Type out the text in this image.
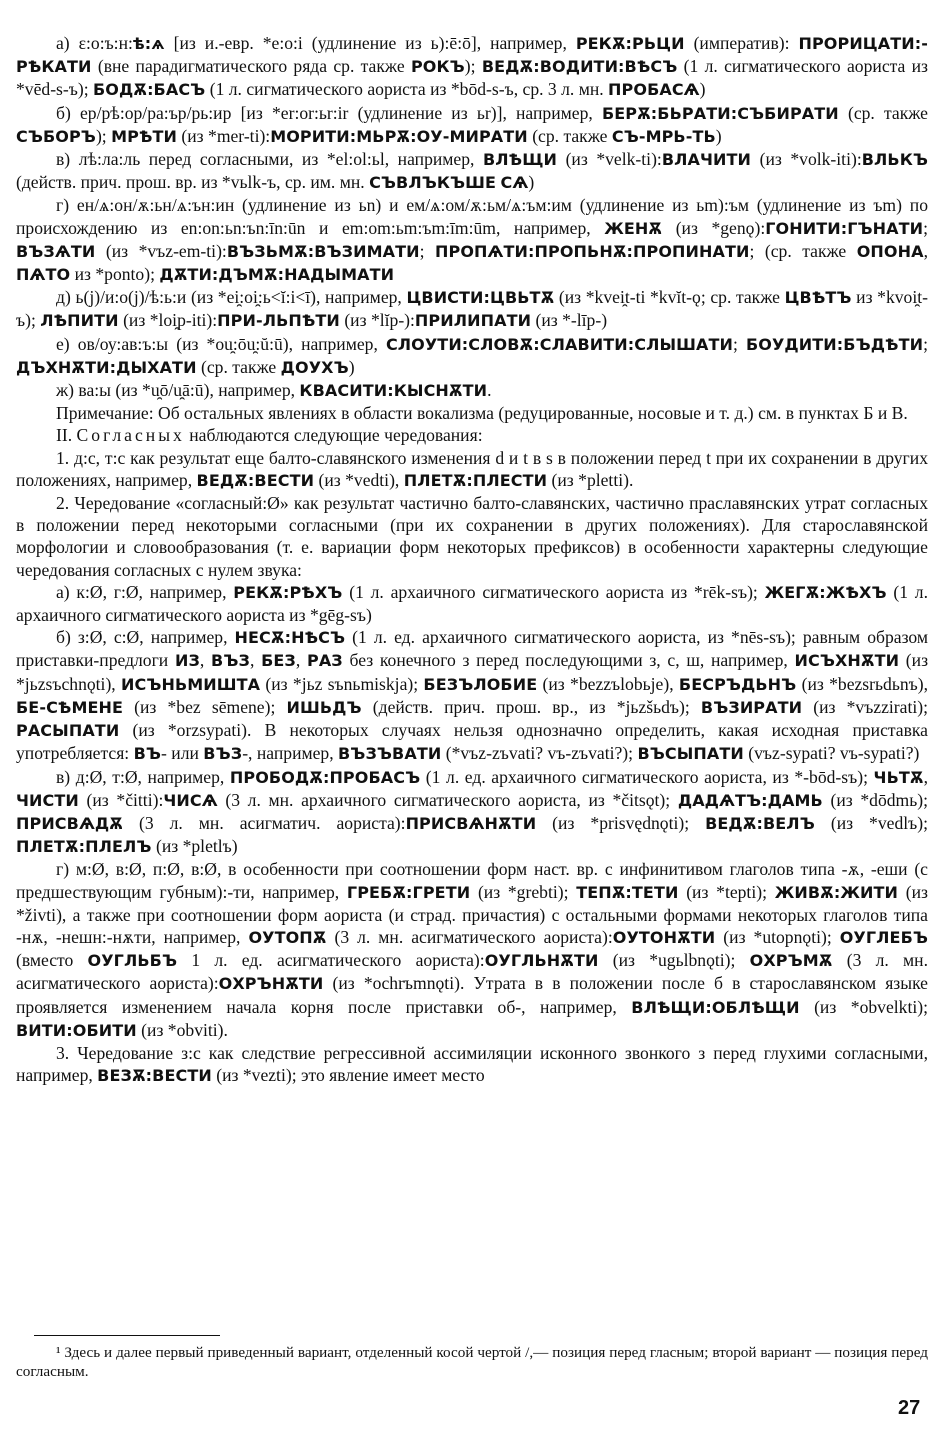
а) ɛ:o:ъ:н:ѣ:ѧ [из и.-евр. *e:o:i (удлинение из ь):ē:ō], например, РЕКѪ:РЬЦИ (императив): ПРОРИЦАТИ:-РѢКАТИ (вне парадигматического ряда ср. также РОКЪ); ВЕДѪ:ВОДИТИ:ВѢСЪ (1 л. сигматического аориста из *vēd-s-ъ); БОДѪ:БАСЪ (1 л. сигматического аориста из *bōd-s-ъ, ср. 3 л. мн. ПРОБАСѦ)

б) ер/рѣ:ор/ра:ър/рь:ир [из *er:or:ьr:ir (удлинение из ьr)], например, БЕРѪ:БЬРАТИ:СЪБИРАТИ (ср. также СЪБОРЪ); МРѢТИ (из *mer-ti):МОРИТИ:МЬРѪ:ОУ-МИРАТИ (ср. также СЪ-МРЬ-ТЬ)

в) лѣ:ла:ль перед согласными, из *el:ol:ьl, например, ВЛѢЩИ (из *velk-ti):ВЛАЧИТИ (из *volk-iti):ВЛЬКЪ (действ. прич. прош. вр. из *vьlk-ъ, ср. им. мн. СЪВЛЪКЪШЕ СѦ)

г) ен/ѧ:он/ѫ:ьн/ѧ:ън:ин (удлинение из ьn) и ем/ѧ:ом/ѫ:ьм/ѧ:ъм:им (удлинение из ьm):ъм (удлинение из ъm) по происхождению из en:on:ьn:ъn:īn:ūn и em:om:ьm:ъm:īm:ūm, например, ЖЕНѪ (из *genǫ):ГОНИТИ:ГЪНАТИ; ВЪЗѦТИ (из *vъz-em-ti):ВЪЗЬМѪ:ВЪЗИМАТИ; ПРОПѦТИ:ПРОПЬНѪ:ПРОПИНАТИ; (ср. также ОПОНА, ПѦТО из *ponto); ДѪТИ:ДЪМѪ:НАДЫМАТИ

д) ь(j)/и:о(j)/ѣ:ь:и (из *ei̯:oi̯:ь<ĭ:i<ī), например, ЦВИСТИ:ЦВЬТѪ (из *kvei̯t-ti *kvĭt-ǫ; ср. также ЦВѢТЪ из *kvoi̯t-ъ); ЛѢПИТИ (из *loi̯p-iti):ПРИ-ЛЬПѢТИ (из *lĭp-):ПРИЛИПАТИ (из *-līp-)

е) ов/оу:ав:ъ:ы (из *ou̯:ōu̯:ŭ:ū), например, СЛОУТИ:СЛОВѪ:СЛАВИТИ:СЛЫШАТИ; БОУДИТИ:БЪДѢТИ; ДЪХНѪТИ:ДЫХАТИ (ср. также ДОУХЪ)

ж) ва:ы (из *u̯ō/u̯ā:ū), например, КВАСИТИ:КЫСНѪТИ.

Примечание: Об остальных явлениях в области вокализма (редуцированные, носовые и т. д.) см. в пунктах Б и В.

II. Согласных наблюдаются следующие чередования:

1. д:с, т:с как результат еще балто-славянского изменения d и t в s в положении перед t при их сохранении в других положениях, например, ВЕДѪ:ВЕСТИ (из *vedti), ПЛЕТѪ:ПЛЕСТИ (из *pletti).

2. Чередование «согласный:Ø» как результат частично балто-славянских, частично праславянских утрат согласных в положении перед некоторыми согласными (при их сохранении в других положениях). Для старославянской морфологии и словообразования (т. е. вариации форм некоторых префиксов) в особенности характерны следующие чередования согласных с нулем звука:

а) к:Ø, г:Ø, например, РЕКѪ:РѢХЪ (1 л. архаичного сигматического аориста из *rēk-sъ); ЖЕГѪ:ЖѢХЪ (1 л. архаичного сигматического аориста из *gēg-sъ)

б) з:Ø, с:Ø, например, НЕСѪ:НѢСЪ (1 л. ед. архаичного сигматического аориста, из *nēs-sъ); равным образом приставки-предлоги ИЗ, ВЪЗ, БЕЗ, РАЗ без конечного з перед последующими з, с, ш, например, ИСЪХНѪТИ (из *jьzsъchnǫti), ИСЪНЬМИШТА (из *jьz sъnьmiskja); БЕЗЪЛОБИЕ (из *bezzъlobьje), БЕСРЪДЬНЪ (из *bezsrьdьnъ), БЕ-СѢМЕНЕ (из *bez sēmene); ИШЬДЪ (действ. прич. прош. вр., из *jьzšьdъ); ВЪЗИРАТИ (из *vъzzirati); РАСЫПАТИ (из *orzsypati). В некоторых случаях нельзя однозначно определить, какая исходная приставка употребляется: ВЪ- или ВЪЗ-, например, ВЪЗЪВАТИ (*vъz-zъvati? vъ-zъvati?); ВЪСЫПАТИ (vъz-sypati? vъ-sypati?)

в) д:Ø, т:Ø, например, ПРОБОДѪ:ПРОБАСЪ (1 л. ед. архаичного сигматического аориста, из *-bōd-sъ); ЧЬТѪ, ЧИСТИ (из *čitti):ЧИСѦ (3 л. мн. архаичного сигматического аориста, из *čitsǫt); ДАДѦТЪ:ДАМЬ (из *dōdmь); ПРИСВѦДѪ (3 л. мн. асигматич. аориста):ПРИСВѦНѪТИ (из *prisvędnǫti); ВЕДѪ:ВЕЛЪ (из *vedlъ); ПЛЕТѪ:ПЛЕЛЪ (из *pletlъ)

г) м:Ø, в:Ø, п:Ø, в:Ø, в особенности при соотношении форм наст. вр. с инфинитивом глаголов типа -ѫ, -еши (с предшествующим губным):-ти, например, ГРЕБѪ:ГРЕТИ (из *grebti); ТЕПѪ:ТЕТИ (из *tepti); ЖИВѪ:ЖИТИ (из *živti), а также при соотношении форм аориста (и страд. причастия) с остальными формами некоторых глаголов типа -нѫ, -нешн:-нѫти, например, ОУТОПѪ (3 л. мн. асигматического аориста):ОУТОНѪТИ (из *utopnǫti); ОУГЛЕБЪ (вместо ОУГЛЬБЪ 1 л. ед. асигматического аориста):ОУГЛЬНѪТИ (из *ugьlbnǫti); ОХРЪМѪ (3 л. мн. асигматического аориста):ОХРЪНѪТИ (из *ochrъmnǫti). Утрата в в положении после б в старославянском языке проявляется изменением начала корня после приставки об-, например, ВЛѢЩИ:ОБЛѢЩИ (из *obvelkti); ВИТИ:ОБИТИ (из *obviti).

3. Чередование з:с как следствие регрессивной ассимиляции исконного звонкого з перед глухими согласными, например, ВЕЗѪ:ВЕСТИ (из *vezti); это явление имеет место

¹ Здесь и далее первый приведенный вариант, отделенный косой чертой /,— позиция перед гласным; второй вариант — позиция перед согласным.

27
